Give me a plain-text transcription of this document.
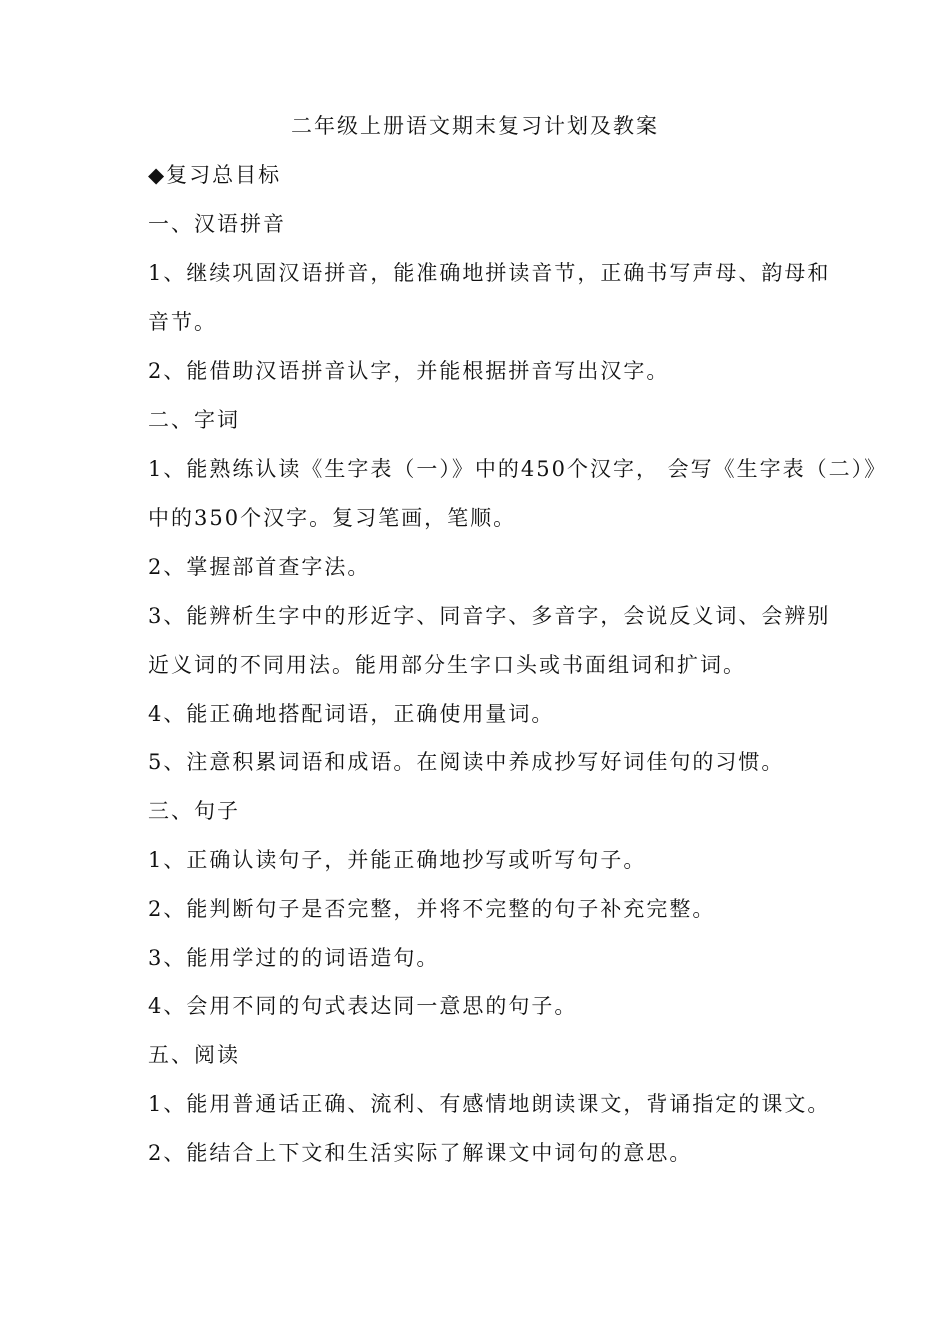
二年级上册语文期末复习计划及教案
◆复习总目标
一、汉语拼音
1、继续巩固汉语拼音，能准确地拼读音节，正确书写声母、韵母和
音节。
2、能借助汉语拼音认字，并能根据拼音写出汉字。
二、字词
1、能熟练认读《生字表（一）》中的450个汉字， 会写《生字表（二）》
中的350个汉字。复习笔画，笔顺。
2、掌握部首查字法。
3、能辨析生字中的形近字、同音字、多音字，会说反义词、会辨别
近义词的不同用法。能用部分生字口头或书面组词和扩词。
4、能正确地搭配词语，正确使用量词。
5、注意积累词语和成语。在阅读中养成抄写好词佳句的习惯。
三、句子
1、正确认读句子，并能正确地抄写或听写句子。
2、能判断句子是否完整，并将不完整的句子补充完整。
3、能用学过的的词语造句。
4、会用不同的句式表达同一意思的句子。
五、阅读
1、能用普通话正确、流利、有感情地朗读课文，背诵指定的课文。
2、能结合上下文和生活实际了解课文中词句的意思。
